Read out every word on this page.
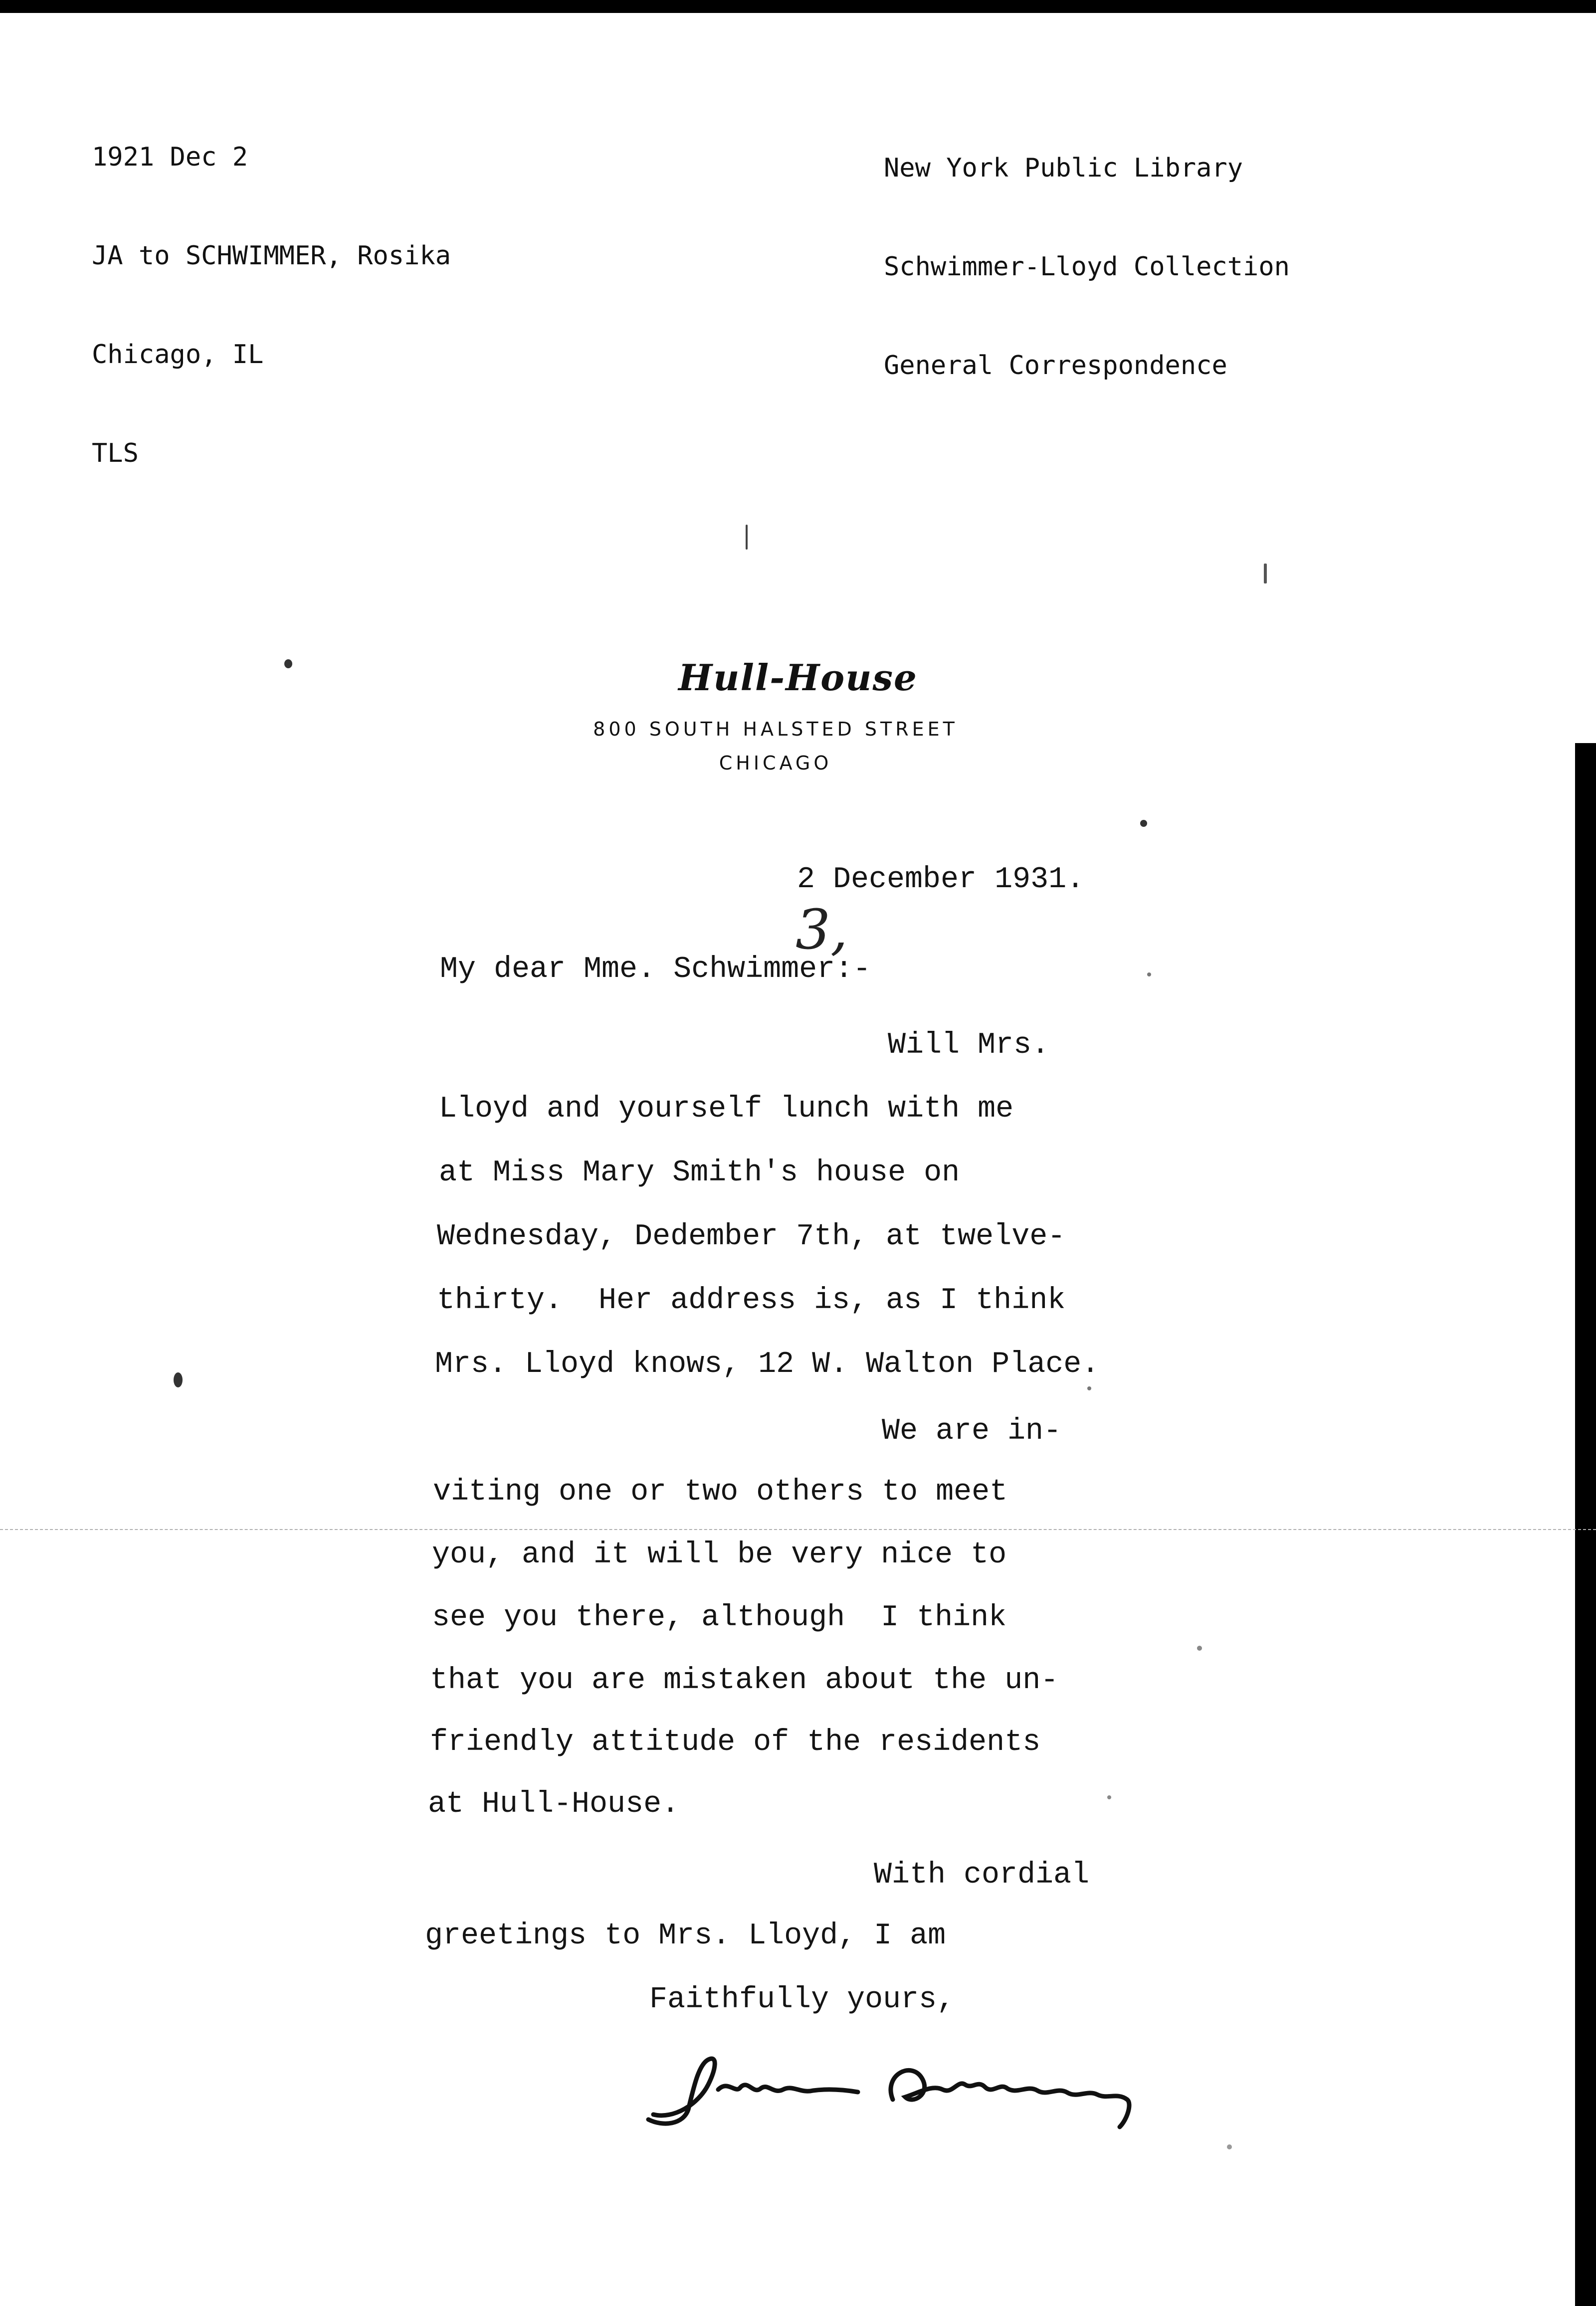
1921 Dec 2

JA to SCHWIMMER, Rosika

Chicago, IL

TLS

New York Public Library

Schwimmer-Lloyd Collection

General Correspondence

Hull-House
800 SOUTH HALSTED STREET
CHICAGO
2 December 1931.
3,
My dear Mme. Schwimmer:-
Will Mrs.
Lloyd and yourself lunch with me
at Miss Mary Smith's house on
Wednesday, Dedember 7th, at twelve-
thirty.  Her address is, as I think
Mrs. Lloyd knows, 12 W. Walton Place.
We are in-
viting one or two others to meet
you, and it will be very nice to
see you there, although  I think
that you are mistaken about the un-
friendly attitude of the residents
at Hull-House.
With cordial
greetings to Mrs. Lloyd, I am
Faithfully yours,
